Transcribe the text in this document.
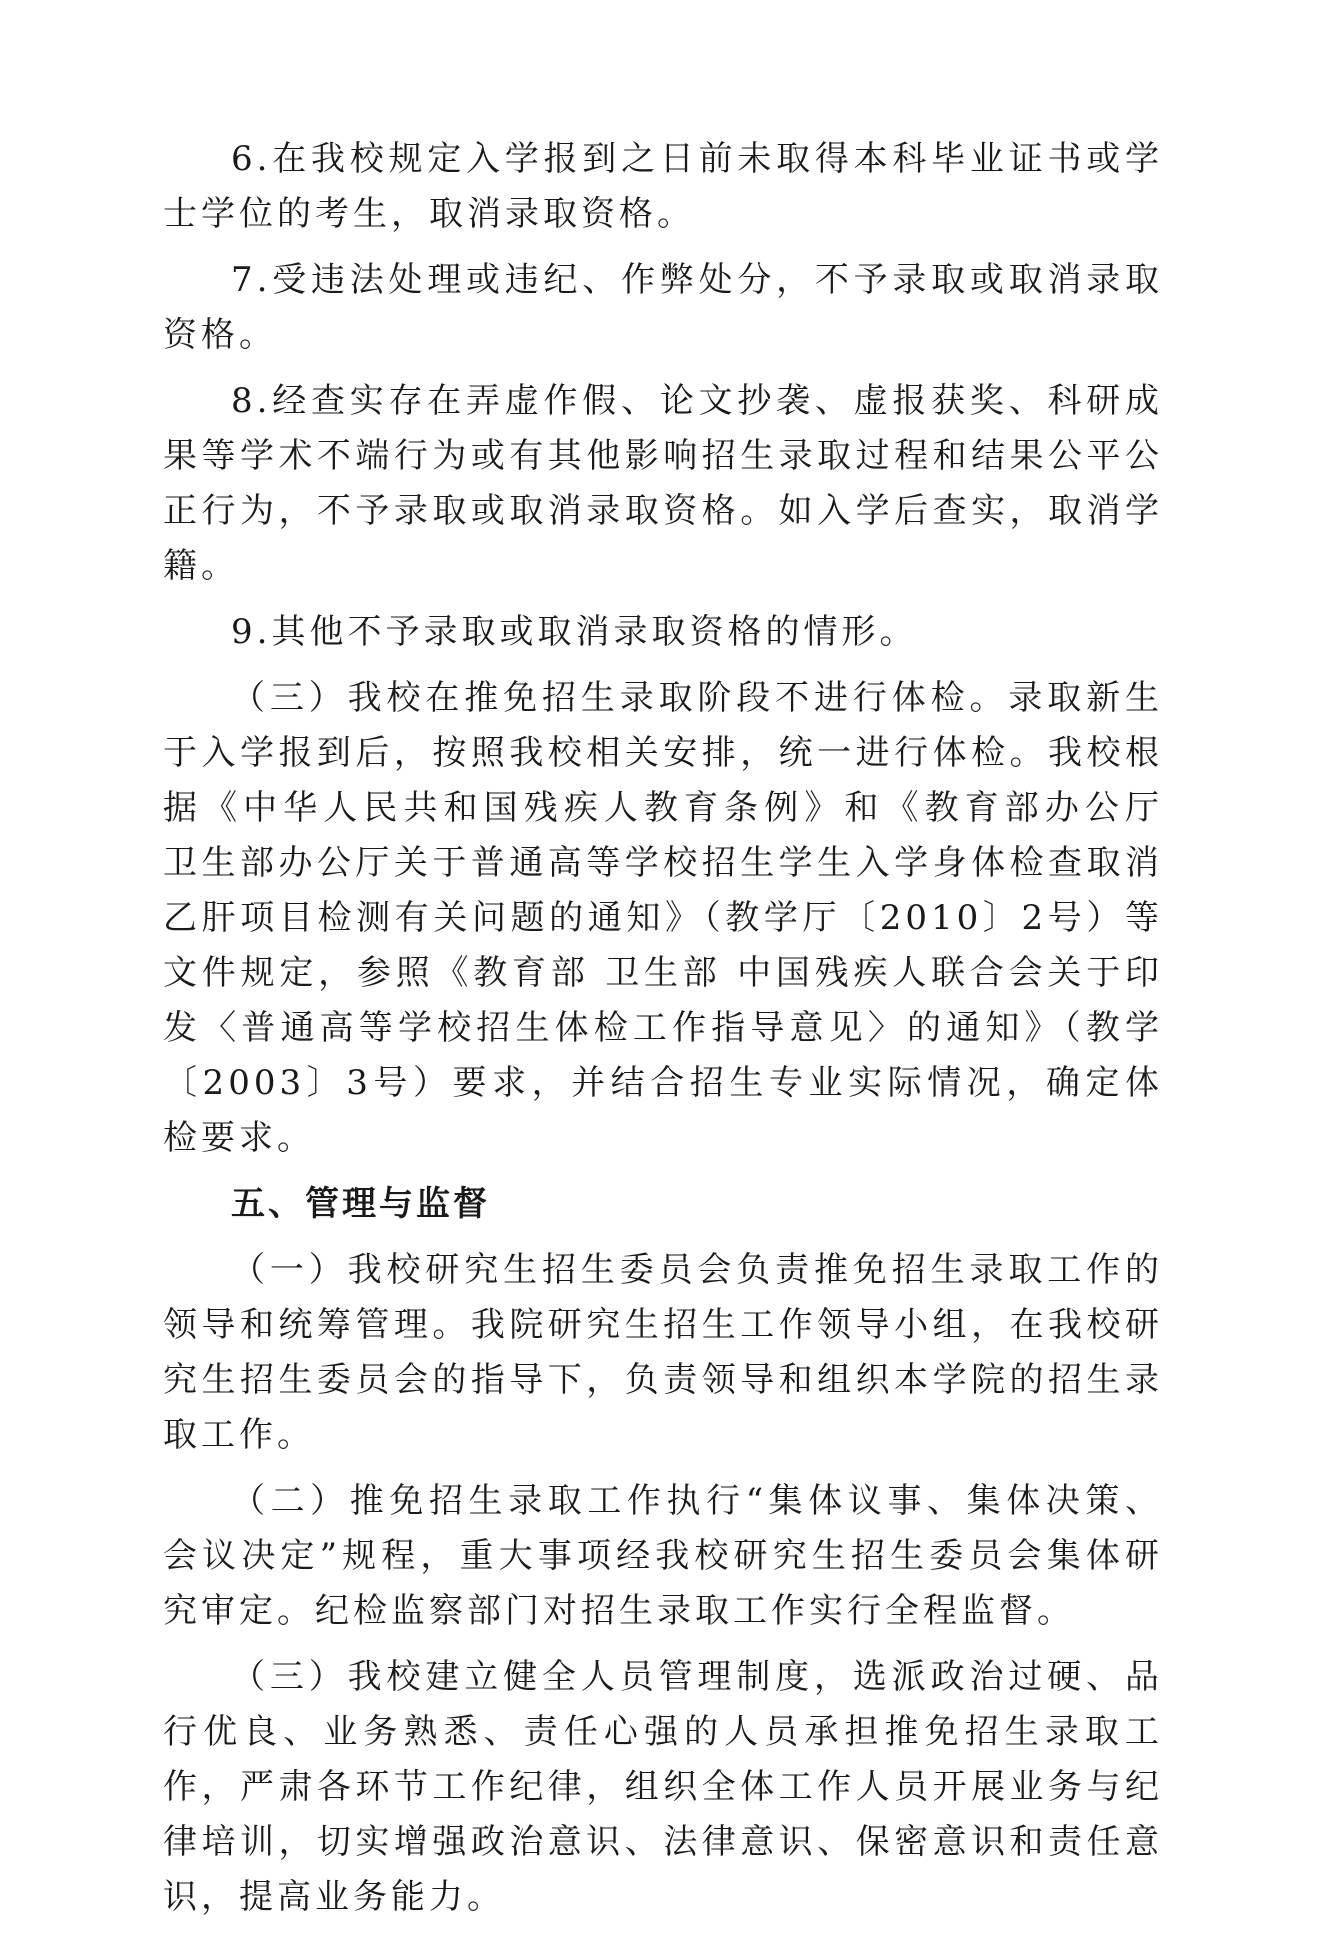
6.在我校规定入学报到之日前未取得本科毕业证书或学士学位的考生，取消录取资格。

7.受违法处理或违纪、作弊处分，不予录取或取消录取资格。

8.经查实存在弄虚作假、论文抄袭、虚报获奖、科研成果等学术不端行为或有其他影响招生录取过程和结果公平公正行为，不予录取或取消录取资格。如入学后查实，取消学籍。

9.其他不予录取或取消录取资格的情形。

（三）我校在推免招生录取阶段不进行体检。录取新生于入学报到后，按照我校相关安排，统一进行体检。我校根据《中华人民共和国残疾人教育条例》和《教育部办公厅 卫生部办公厅关于普通高等学校招生学生入学身体检查取消乙肝项目检测有关问题的通知》（教学厅〔2010〕2号）等文件规定，参照《教育部 卫生部 中国残疾人联合会关于印发〈普通高等学校招生体检工作指导意见〉的通知》（教学〔2003〕3号）要求，并结合招生专业实际情况，确定体检要求。

五、管理与监督

（一）我校研究生招生委员会负责推免招生录取工作的领导和统筹管理。我院研究生招生工作领导小组，在我校研究生招生委员会的指导下，负责领导和组织本学院的招生录取工作。

（二）推免招生录取工作执行“集体议事、集体决策、会议决定”规程，重大事项经我校研究生招生委员会集体研究审定。纪检监察部门对招生录取工作实行全程监督。

（三）我校建立健全人员管理制度，选派政治过硬、品行优良、业务熟悉、责任心强的人员承担推免招生录取工作，严肃各环节工作纪律，组织全体工作人员开展业务与纪律培训，切实增强政治意识、法律意识、保密意识和责任意识，提高业务能力。
